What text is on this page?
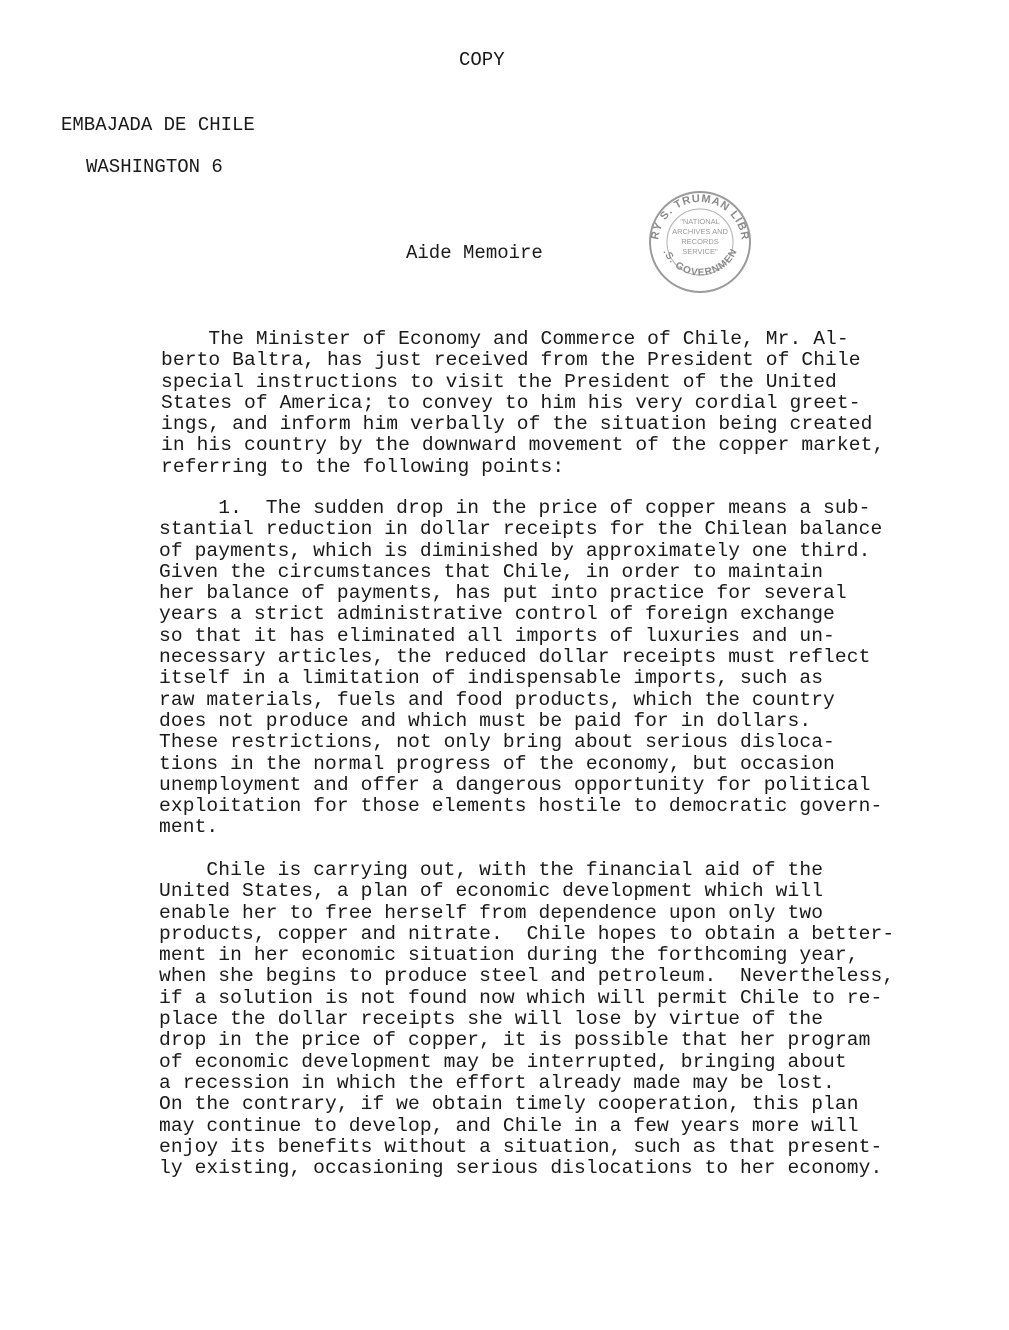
COPY
EMBAJADA DE CHILE
WASHINGTON 6
RY S. TRUMAN LIBR
.S. GOVERNMEN
"NATIONAL
ARCHIVES AND
RECORDS
SERVICE"
Aide Memoire
The Minister of Economy and Commerce of Chile, Mr. Al-
berto Baltra, has just received from the President of Chile
special instructions to visit the President of the United
States of America; to convey to him his very cordial greet-
ings, and inform him verbally of the situation being created
in his country by the downward movement of the copper market,
referring to the following points:
1.  The sudden drop in the price of copper means a sub-
stantial reduction in dollar receipts for the Chilean balance
of payments, which is diminished by approximately one third.
Given the circumstances that Chile, in order to maintain
her balance of payments, has put into practice for several
years a strict administrative control of foreign exchange
so that it has eliminated all imports of luxuries and un-
necessary articles, the reduced dollar receipts must reflect
itself in a limitation of indispensable imports, such as
raw materials, fuels and food products, which the country
does not produce and which must be paid for in dollars.
These restrictions, not only bring about serious disloca-
tions in the normal progress of the economy, but occasion
unemployment and offer a dangerous opportunity for political
exploitation for those elements hostile to democratic govern-
ment.
Chile is carrying out, with the financial aid of the
United States, a plan of economic development which will
enable her to free herself from dependence upon only two
products, copper and nitrate.  Chile hopes to obtain a better-
ment in her economic situation during the forthcoming year,
when she begins to produce steel and petroleum.  Nevertheless,
if a solution is not found now which will permit Chile to re-
place the dollar receipts she will lose by virtue of the
drop in the price of copper, it is possible that her program
of economic development may be interrupted, bringing about
a recession in which the effort already made may be lost.
On the contrary, if we obtain timely cooperation, this plan
may continue to develop, and Chile in a few years more will
enjoy its benefits without a situation, such as that present-
ly existing, occasioning serious dislocations to her economy.
